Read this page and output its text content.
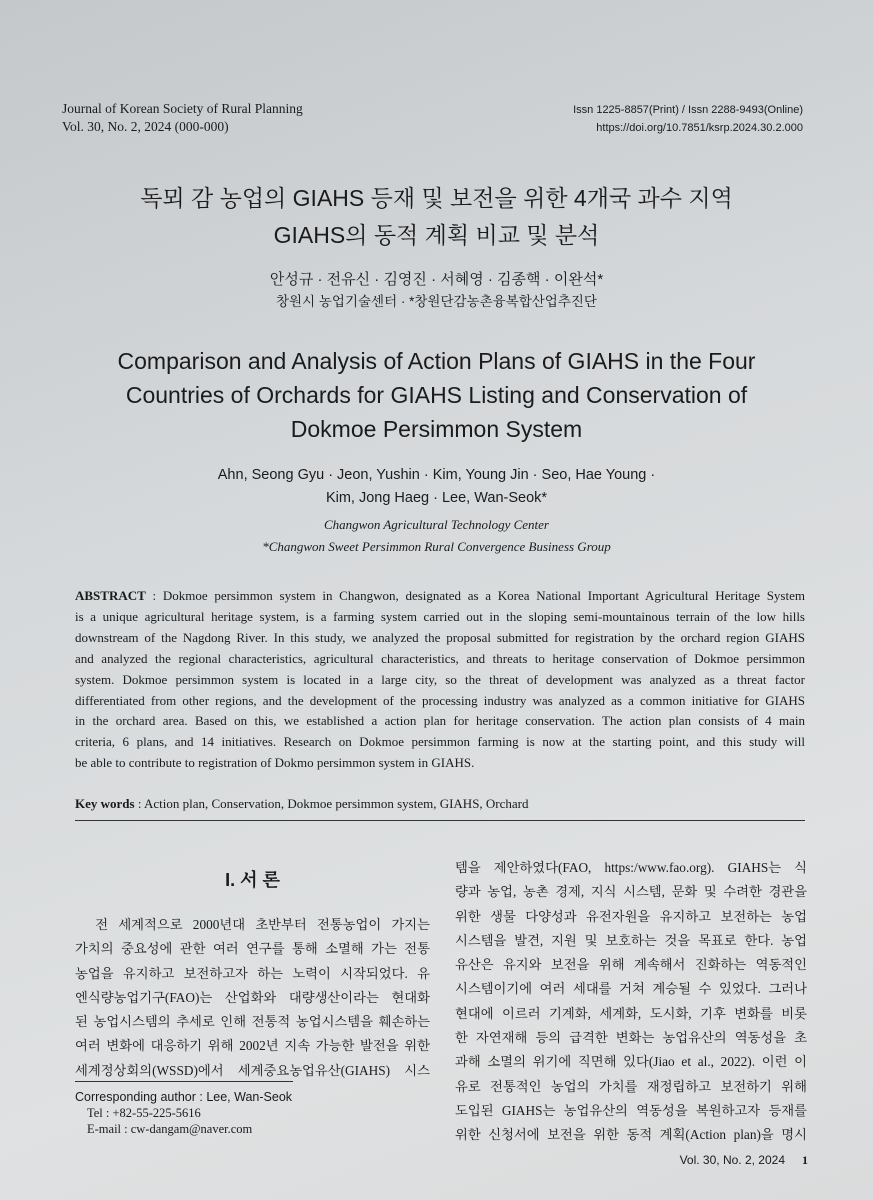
Journal of Korean Society of Rural Planning
Vol. 30, No. 2, 2024 (000-000)
Issn 1225-8857(Print) / Issn 2288-9493(Online)
https://doi.org/10.7851/ksrp.2024.30.2.000
독뫼 감 농업의 GIAHS 등재 및 보전을 위한 4개국 과수 지역
GIAHS의 동적 계획 비교 및 분석
안성규 · 전유신 · 김영진 · 서혜영 · 김종핵 · 이완석*
창원시 농업기술센터 · *창원단감농촌융복합산업추진단
Comparison and Analysis of Action Plans of GIAHS in the Four
Countries of Orchards for GIAHS Listing and Conservation of
Dokmoe Persimmon System
Ahn, Seong Gyu · Jeon, Yushin · Kim, Young Jin · Seo, Hae Young ·
Kim, Jong Haeg · Lee, Wan-Seok*
Changwon Agricultural Technology Center
*Changwon Sweet Persimmon Rural Convergence Business Group
ABSTRACT : Dokmoe persimmon system in Changwon, designated as a Korea National Important Agricultural Heritage System
is a unique agricultural heritage system, is a farming system carried out in the sloping semi-mountainous terrain of the low hills
downstream of the Nagdong River. In this study, we analyzed the proposal submitted for registration by the orchard region GIAHS
and analyzed the regional characteristics, agricultural characteristics, and threats to heritage conservation of Dokmoe persimmon
system. Dokmoe persimmon system is located in a large city, so the threat of development was analyzed as a threat factor
differentiated from other regions, and the development of the processing industry was analyzed as a common initiative for GIAHS
in the orchard area. Based on this, we established a action plan for heritage conservation. The action plan consists of 4 main
criteria, 6 plans, and 14 initiatives. Research on Dokmoe persimmon farming is now at the starting point, and this study will
be able to contribute to registration of Dokmo persimmon system in GIAHS.
Key words : Action plan, Conservation, Dokmoe persimmon system, GIAHS, Orchard
I. 서 론
　전 세계적으로 2000년대 초반부터 전통농업이 가지는
가치의 중요성에 관한 여러 연구를 통해 소멸해 가는 전통
농업을 유지하고 보전하고자 하는 노력이 시작되었다. 유
엔식량농업기구(FAO)는 산업화와 대량생산이라는 현대화
된 농업시스템의 추세로 인해 전통적 농업시스템을 훼손하는
여러 변화에 대응하기 위해 2002년 지속 가능한 발전을 위한
세계정상회의(WSSD)에서 세계중요농업유산(GIAHS) 시스
템을 제안하였다(FAO, https:/www.fao.org). GIAHS는 식
량과 농업, 농촌 경제, 지식 시스템, 문화 및 수려한 경관을
위한 생물 다양성과 유전자원을 유지하고 보전하는 농업
시스템을 발견, 지원 및 보호하는 것을 목표로 한다. 농업
유산은 유지와 보전을 위해 계속해서 진화하는 역동적인
시스템이기에 여러 세대를 거쳐 계승될 수 있었다. 그러나
현대에 이르러 기계화, 세계화, 도시화, 기후 변화를 비롯
한 자연재해 등의 급격한 변화는 농업유산의 역동성을 초
과해 소멸의 위기에 직면해 있다(Jiao et al., 2022). 이런 이
유로 전통적인 농업의 가치를 재정립하고 보전하기 위해
도입된 GIAHS는 농업유산의 역동성을 복원하고자 등재를
위한 신청서에 보전을 위한 동적 계획(Action plan)을 명시
Corresponding author : Lee, Wan-Seok
Tel : +82-55-225-5616
E-mail : cw-dangam@naver.com
Vol. 30, No. 2, 2024 1
